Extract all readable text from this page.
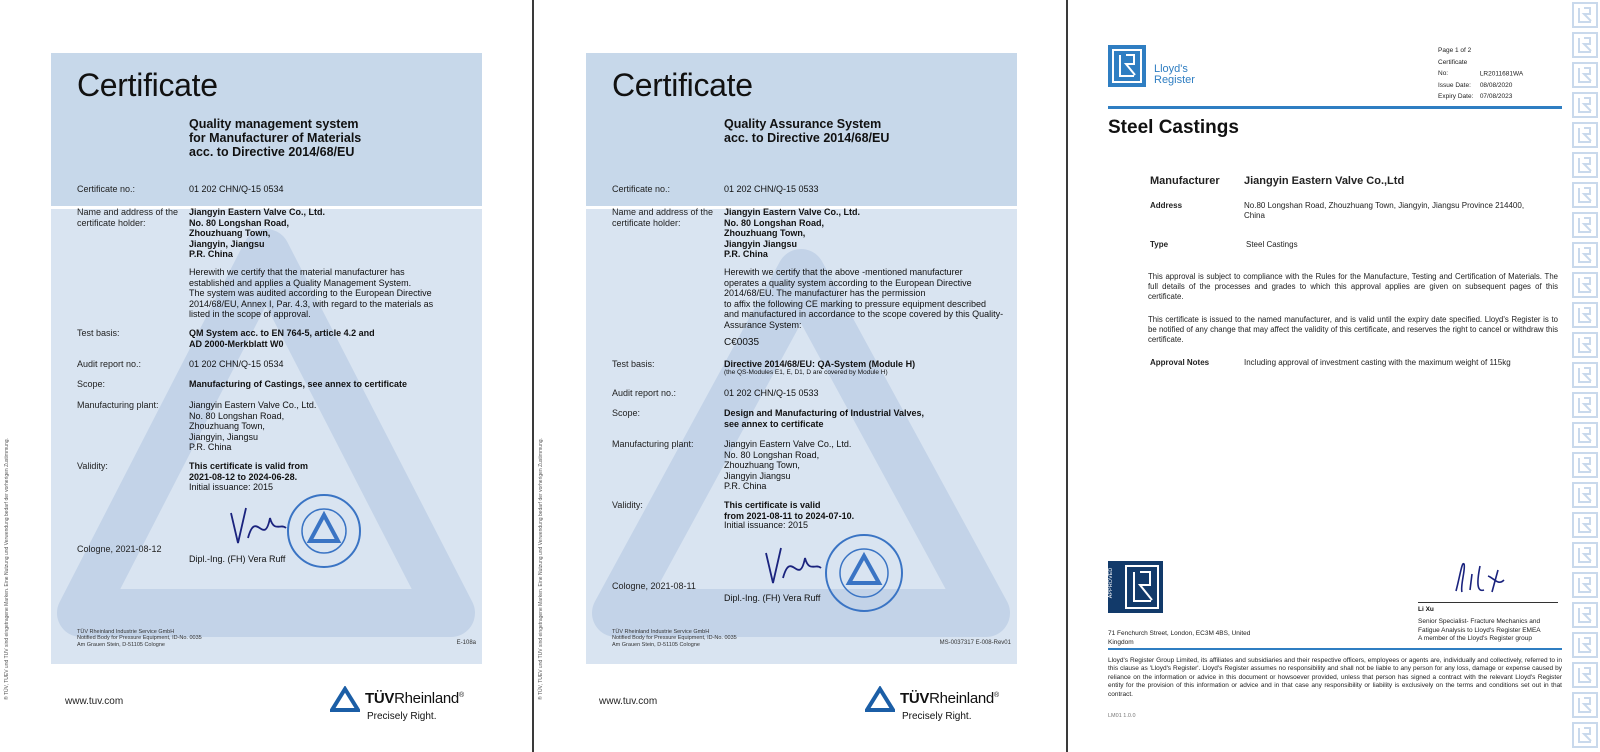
® TÜV, TUEV und TUV sind eingetragene Marken. Eine Nutzung und Verwendung bedarf der vorherigen Zustimmung.
Certificate
Quality management system
for Manufacturer of Materials
acc. to Directive 2014/68/EU
Certificate no.:	01 202 CHN/Q-15 0534
Name and address of the
certificate holder:
Jiangyin Eastern Valve Co., Ltd.
No. 80 Longshan Road,
Zhouzhuang Town,
Jiangyin, Jiangsu
P.R. China
Herewith we certify that the material manufacturer has
established and applies a Quality Management System.
The system was audited according to the European Directive
2014/68/EU, Annex I, Par. 4.3, with regard to the materials as
listed in the scope of approval.
Test basis:	QM System acc. to EN 764-5, article 4.2 and
AD 2000-Merkblatt W0
Audit report no.:	01 202 CHN/Q-15 0534
Scope:	Manufacturing of Castings, see annex to certificate
Manufacturing plant:	Jiangyin Eastern Valve Co., Ltd.
No. 80 Longshan Road,
Zhouzhuang Town,
Jiangyin, Jiangsu
P.R. China
Validity:	This certificate is valid from
2021-08-12 to 2024-06-28.
Initial issuance: 2015
Cologne, 2021-08-12
Dipl.-Ing. (FH) Vera Ruff
TÜV Rheinland Industrie Service GmbH
Notified Body for Pressure Equipment, ID-No. 0035
Am Grauen Stein, D-51105 Cologne	E-108a
www.tuv.com	TÜVRheinland®
Precisely Right.
® TÜV, TUEV und TUV sind eingetragene Marken. Eine Nutzung und Verwendung bedarf der vorherigen Zustimmung.
Certificate
Quality Assurance System
acc. to Directive 2014/68/EU
Certificate no.:	01 202 CHN/Q-15 0533
Name and address of the
certificate holder:
Jiangyin Eastern Valve Co., Ltd.
No. 80 Longshan Road,
Zhouzhuang Town,
Jiangyin Jiangsu
P.R. China
Herewith we certify that the above -mentioned manufacturer
operates a quality system according to the European Directive
2014/68/EU. The manufacturer has the permission
to affix the following CE marking to pressure equipment described
and manufactured in accordance to the scope covered by this Quality-
Assurance System:
C€0035
Test basis:	Directive 2014/68/EU: QA-System (Module H)
(the QS-Modules E1, E, D1, D are covered by Module H)
Audit report no.:	01 202 CHN/Q-15 0533
Scope:	Design and Manufacturing of Industrial Valves,
see annex to certificate
Manufacturing plant:	Jiangyin Eastern Valve Co., Ltd.
No. 80 Longshan Road,
Zhouzhuang Town,
Jiangyin Jiangsu
P.R. China
Validity:	This certificate is valid
from 2021-08-11 to 2024-07-10.
Initial issuance: 2015
Cologne, 2021-08-11
Dipl.-Ing. (FH) Vera Ruff
TÜV Rheinland Industrie Service GmbH
Notified Body for Pressure Equipment, ID-No. 0035
Am Grauen Stein, D-51105 Cologne	MS-0037317 E-008-Rev01
www.tuv.com	TÜVRheinland®
Precisely Right.
Lloyd's
Register
Page 1 of 2
Certificate No:	LR2011681WA
Issue Date: 08/08/2020
Expiry Date: 07/08/2023
Steel Castings
Manufacturer Jiangyin Eastern Valve Co.,Ltd
Address	No.80 Longshan Road, Zhouzhuang Town, Jiangyin, Jiangsu Province 214400, China
Type	Steel Castings
This approval is subject to compliance with the Rules for the Manufacture, Testing and Certification of Materials. The full details of the processes and grades to which this approval applies are given on subsequent pages of this certificate.
This certificate is issued to the named manufacturer, and is valid until the expiry date specified. Lloyd's Register is to be notified of any change that may affect the validity of this certificate, and reserves the right to cancel or withdraw this certificate.
Approval Notes	Including approval of investment casting with the maximum weight of 115kg
APPROVED
71 Fenchurch Street, London, EC3M 4BS, United Kingdom
Li Xu
Senior Specialist- Fracture Mechanics and
Fatigue Analysis to Lloyd's Register EMEA
A member of the Lloyd's Register group
Lloyd's Register Group Limited, its affiliates and subsidiaries and their respective officers, employees or agents are, individually and collectively, referred to in this clause as 'Lloyd's Register'. Lloyd's Register assumes no responsibility and shall not be liable to any person for any loss, damage or expense caused by reliance on the information or advice in this document or howsoever provided, unless that person has signed a contract with the relevant Lloyd's Register entity for the provision of this information or advice and in that case any responsibility or liability is exclusively on the terms and conditions set out in that contract.
LM01 1.0.0
